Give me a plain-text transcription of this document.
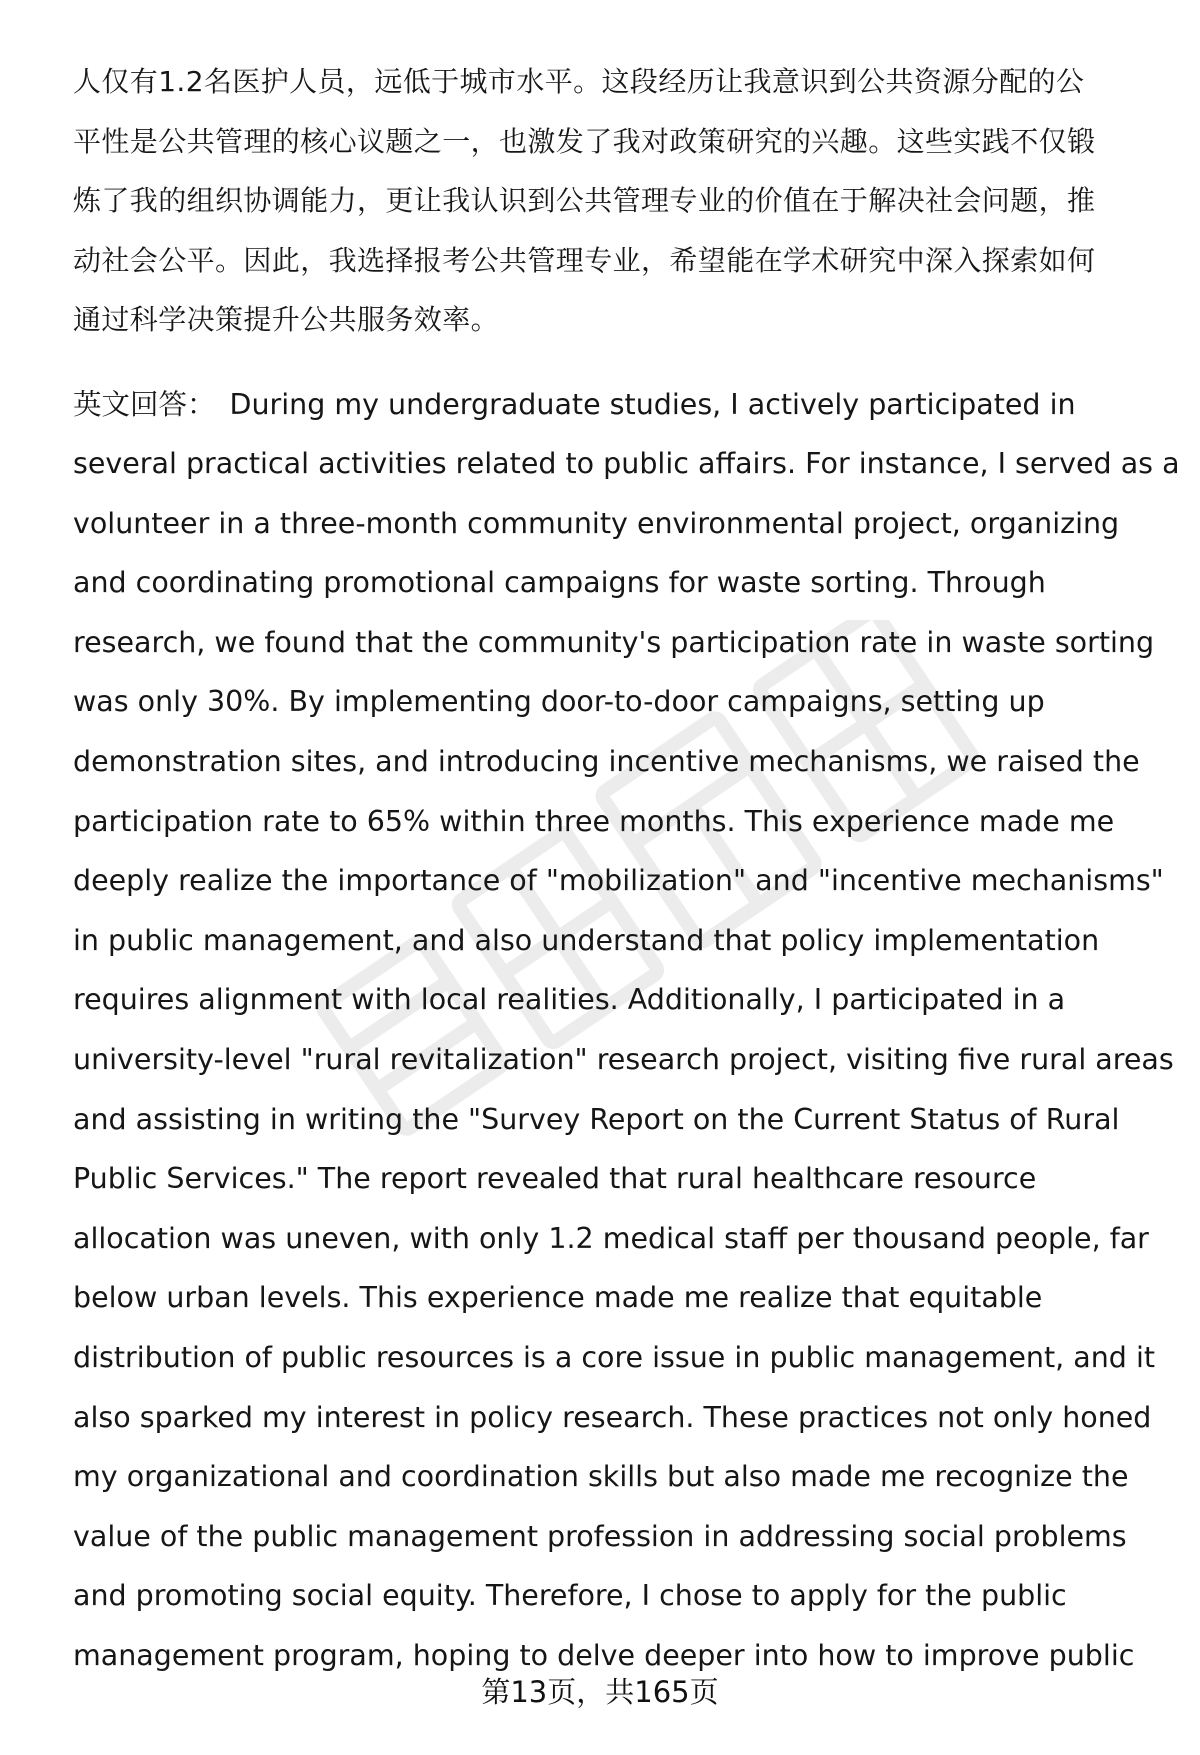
人仅有1.2名医护人员，远低于城市水平。这段经历让我意识到公共资源分配的公
平性是公共管理的核心议题之一，也激发了我对政策研究的兴趣。这些实践不仅锻
炼了我的组织协调能力，更让我认识到公共管理专业的价值在于解决社会问题，推
动社会公平。因此，我选择报考公共管理专业，希望能在学术研究中深入探索如何
通过科学决策提升公共服务效率。

英文回答： During my undergraduate studies, I actively participated in
several practical activities related to public affairs. For instance, I served as a
volunteer in a three-month community environmental project, organizing
and coordinating promotional campaigns for waste sorting. Through
research, we found that the community's participation rate in waste sorting
was only 30%. By implementing door-to-door campaigns, setting up
demonstration sites, and introducing incentive mechanisms, we raised the
participation rate to 65% within three months. This experience made me
deeply realize the importance of "mobilization" and "incentive mechanisms"
in public management, and also understand that policy implementation
requires alignment with local realities. Additionally, I participated in a
university-level "rural revitalization" research project, visiting five rural areas
and assisting in writing the "Survey Report on the Current Status of Rural
Public Services." The report revealed that rural healthcare resource
allocation was uneven, with only 1.2 medical staff per thousand people, far
below urban levels. This experience made me realize that equitable
distribution of public resources is a core issue in public management, and it
also sparked my interest in policy research. These practices not only honed
my organizational and coordination skills but also made me recognize the
value of the public management profession in addressing social problems
and promoting social equity. Therefore, I chose to apply for the public
management program, hoping to delve deeper into how to improve public

第13页，共165页
